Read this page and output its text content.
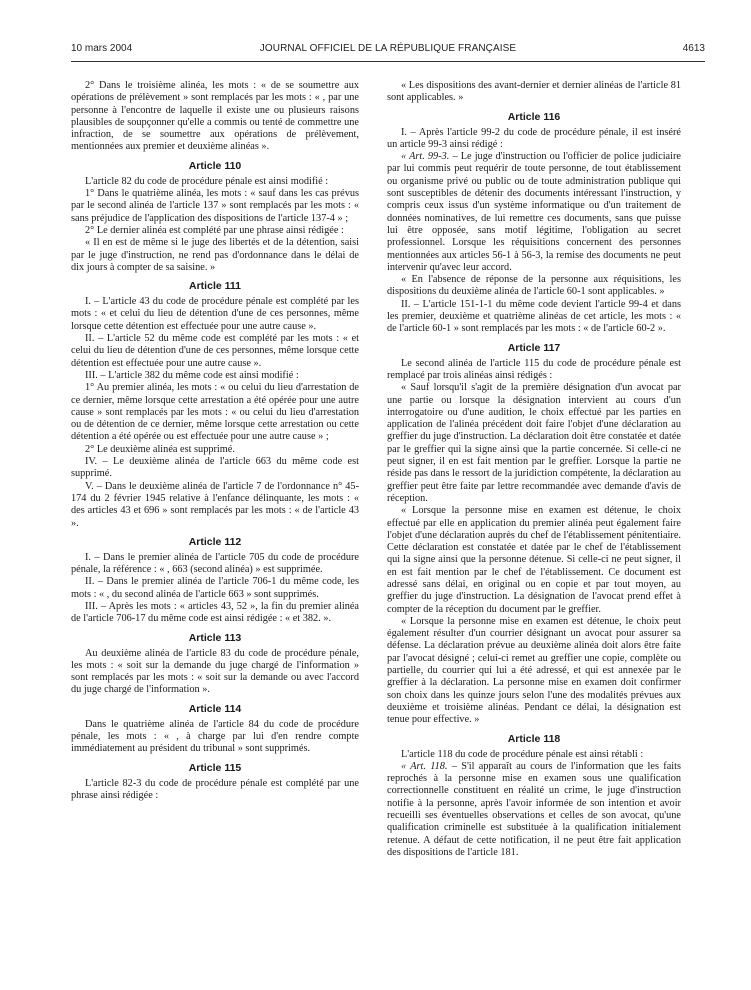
10 mars 2004	JOURNAL OFFICIEL DE LA RÉPUBLIQUE FRANÇAISE	4613

2° Dans le troisième alinéa, les mots : « de se soumettre aux opérations de prélèvement » sont remplacés par les mots : « , par une personne à l'encontre de laquelle il existe une ou plusieurs raisons plausibles de soupçonner qu'elle a commis ou tenté de commettre une infraction, de se soumettre aux opérations de prélèvement, mentionnées aux premier et deuxième alinéas ».

Article 110

L'article 82 du code de procédure pénale est ainsi modifié :

1° Dans le quatrième alinéa, les mots : « sauf dans les cas prévus par le second alinéa de l'article 137 » sont remplacés par les mots : « sans préjudice de l'application des dispositions de l'article 137-4 » ;

2° Le dernier alinéa est complété par une phrase ainsi rédigée :

« Il en est de même si le juge des libertés et de la détention, saisi par le juge d'instruction, ne rend pas d'ordonnance dans le délai de dix jours à compter de sa saisine. »

Article 111

I. – L'article 43 du code de procédure pénale est complété par les mots : « et celui du lieu de détention d'une de ces personnes, même lorsque cette détention est effectuée pour une autre cause ».

II. – L'article 52 du même code est complété par les mots : « et celui du lieu de détention d'une de ces personnes, même lorsque cette détention est effectuée pour une autre cause ».

III. – L'article 382 du même code est ainsi modifié :

1° Au premier alinéa, les mots : « ou celui du lieu d'arrestation de ce dernier, même lorsque cette arrestation a été opérée pour une autre cause » sont remplacés par les mots : « ou celui du lieu d'arrestation ou de détention de ce dernier, même lorsque cette arrestation ou cette détention a été opérée ou est effectuée pour une autre cause » ;

2° Le deuxième alinéa est supprimé.

IV. – Le deuxième alinéa de l'article 663 du même code est supprimé.

V. – Dans le deuxième alinéa de l'article 7 de l'ordonnance n° 45-174 du 2 février 1945 relative à l'enfance délinquante, les mots : « des articles 43 et 696 » sont remplacés par les mots : « de l'article 43 ».

Article 112

I. – Dans le premier alinéa de l'article 705 du code de procédure pénale, la référence : « , 663 (second alinéa) » est supprimée.

II. – Dans le premier alinéa de l'article 706-1 du même code, les mots : « , du second alinéa de l'article 663 » sont supprimés.

III. – Après les mots : « articles 43, 52 », la fin du premier alinéa de l'article 706-17 du même code est ainsi rédigée : « et 382. ».

Article 113

Au deuxième alinéa de l'article 83 du code de procédure pénale, les mots : « soit sur la demande du juge chargé de l'information » sont remplacés par les mots : « soit sur la demande ou avec l'accord du juge chargé de l'information ».

Article 114

Dans le quatrième alinéa de l'article 84 du code de procédure pénale, les mots : « , à charge par lui d'en rendre compte immédiatement au président du tribunal » sont supprimés.

Article 115

L'article 82-3 du code de procédure pénale est complété par une phrase ainsi rédigée :

« Les dispositions des avant-dernier et dernier alinéas de l'article 81 sont applicables. »

Article 116

I. – Après l'article 99-2 du code de procédure pénale, il est inséré un article 99-3 ainsi rédigé :

« Art. 99-3. – Le juge d'instruction ou l'officier de police judiciaire par lui commis peut requérir de toute personne, de tout établissement ou organisme privé ou public ou de toute administration publique qui sont susceptibles de détenir des documents intéressant l'instruction, y compris ceux issus d'un système informatique ou d'un traitement de données nominatives, de lui remettre ces documents, sans que puisse lui être opposée, sans motif légitime, l'obligation au secret professionnel. Lorsque les réquisitions concernent des personnes mentionnées aux articles 56-1 à 56-3, la remise des documents ne peut intervenir qu'avec leur accord.

« En l'absence de réponse de la personne aux réquisitions, les dispositions du deuxième alinéa de l'article 60-1 sont applicables. »

II. – L'article 151-1-1 du même code devient l'article 99-4 et dans les premier, deuxième et quatrième alinéas de cet article, les mots : « de l'article 60-1 » sont remplacés par les mots : « de l'article 60-2 ».

Article 117

Le second alinéa de l'article 115 du code de procédure pénale est remplacé par trois alinéas ainsi rédigés :

« Sauf lorsqu'il s'agit de la première désignation d'un avocat par une partie ou lorsque la désignation intervient au cours d'un interrogatoire ou d'une audition, le choix effectué par les parties en application de l'alinéa précédent doit faire l'objet d'une déclaration au greffier du juge d'instruction. La déclaration doit être constatée et datée par le greffier qui la signe ainsi que la partie concernée. Si celle-ci ne peut signer, il en est fait mention par le greffier. Lorsque la partie ne réside pas dans le ressort de la juridiction compétente, la déclaration au greffier peut être faite par lettre recommandée avec demande d'avis de réception.

« Lorsque la personne mise en examen est détenue, le choix effectué par elle en application du premier alinéa peut également faire l'objet d'une déclaration auprès du chef de l'établissement pénitentiaire. Cette déclaration est constatée et datée par le chef de l'établissement qui la signe ainsi que la personne détenue. Si celle-ci ne peut signer, il en est fait mention par le chef de l'établissement. Ce document est adressé sans délai, en original ou en copie et par tout moyen, au greffier du juge d'instruction. La désignation de l'avocat prend effet à compter de la réception du document par le greffier.

« Lorsque la personne mise en examen est détenue, le choix peut également résulter d'un courrier désignant un avocat pour assurer sa défense. La déclaration prévue au deuxième alinéa doit alors être faite par l'avocat désigné ; celui-ci remet au greffier une copie, complète ou partielle, du courrier qui lui a été adressé, et qui est annexée par le greffier à la déclaration. La personne mise en examen doit confirmer son choix dans les quinze jours selon l'une des modalités prévues aux deuxième et troisième alinéas. Pendant ce délai, la désignation est tenue pour effective. »

Article 118

L'article 118 du code de procédure pénale est ainsi rétabli :

« Art. 118. – S'il apparaît au cours de l'information que les faits reprochés à la personne mise en examen sous une qualification correctionnelle constituent en réalité un crime, le juge d'instruction notifie à la personne, après l'avoir informée de son intention et avoir recueilli ses éventuelles observations et celles de son avocat, qu'une qualification criminelle est substituée à la qualification initialement retenue. A défaut de cette notification, il ne peut être fait application des dispositions de l'article 181.
